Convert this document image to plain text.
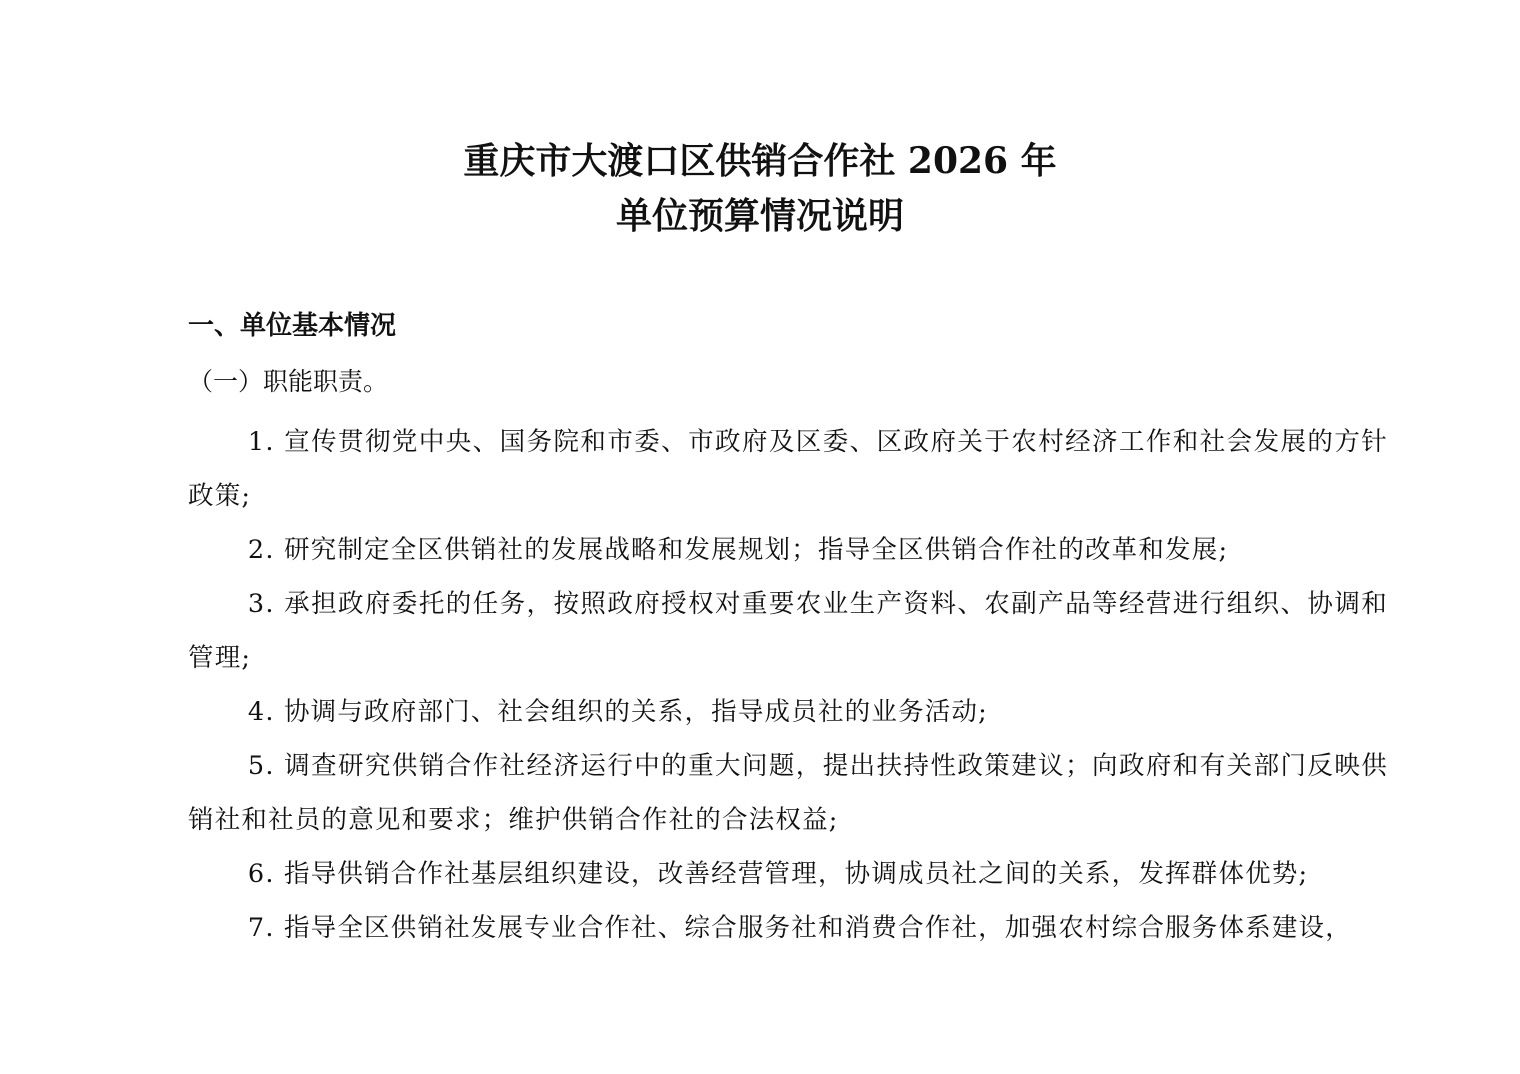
重庆市大渡口区供销合作社 2026 年
单位预算情况说明
一、单位基本情况
（一）职能职责。

1. 宣传贯彻党中央、国务院和市委、市政府及区委、区政府关于农村经济工作和社会发展的方针政策;

2. 研究制定全区供销社的发展战略和发展规划；指导全区供销合作社的改革和发展;

3. 承担政府委托的任务，按照政府授权对重要农业生产资料、农副产品等经营进行组织、协调和管理;

4. 协调与政府部门、社会组织的关系，指导成员社的业务活动;

5. 调查研究供销合作社经济运行中的重大问题，提出扶持性政策建议；向政府和有关部门反映供销社和社员的意见和要求；维护供销合作社的合法权益;

6. 指导供销合作社基层组织建设，改善经营管理，协调成员社之间的关系，发挥群体优势;

7. 指导全区供销社发展专业合作社、综合服务社和消费合作社，加强农村综合服务体系建设，
